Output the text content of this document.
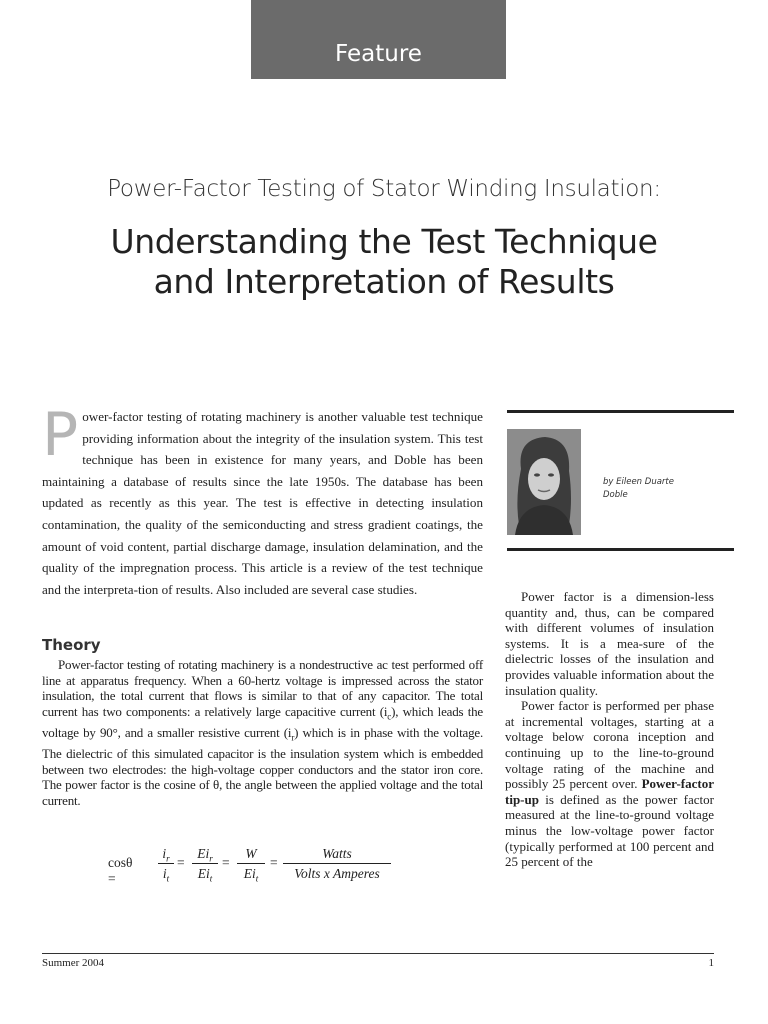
Feature
Power-Factor Testing of Stator Winding Insulation:
Understanding the Test Technique
and Interpretation of Results
P ower-factor testing of rotating machinery is another valuable test technique providing information about the integrity of the insulation system. This test technique has been in existence for many years, and Doble has been maintaining a database of results since the late 1950s. The database has been updated as recently as this year. The test is effective in detecting insulation contamination, the quality of the semiconducting and stress gradient coatings, the amount of void content, partial discharge damage, insulation delamination, and the quality of the impregnation process. This article is a review of the test technique and the interpreta-tion of results. Also included are several case studies.
Theory
Power-factor testing of rotating machinery is a nondestructive ac test performed off line at apparatus frequency. When a 60-hertz voltage is impressed across the stator insulation, the total current that flows is similar to that of any capacitor. The total current has two components: a relatively large capacitive current $(i_c)$, which leads the voltage by 90°, and a smaller resistive current $(i_r)$ which is in phase with the voltage. The dielectric of this simulated capacitor is the insulation system which is embedded between two electrodes: the high-voltage copper conductors and the stator iron core. The power factor is the cosine of θ, the angle between the applied voltage and the total current.
cosθ =	$\frac{i_r}{i_t}$ =
$Ei_r$
$Ei_t$
=
W
$Ei_t$
=
Watts
Volts x Amperes
by Eileen Duarte
Doble

Power factor is a dimension-less quantity and, thus, can be compared with different volumes of insulation systems. It is a mea-sure of the dielectric losses of the insulation and provides valuable information about the insulation quality.

Power factor is performed per phase at incremental voltages, starting at a voltage below corona inception and continuing up to the line-to-ground voltage rating of the machine and possibly 25 percent over. Power-factor tip-up is defined as the power factor measured at the line-to-ground voltage minus the low-voltage power factor (typically performed at 100 percent and 25 percent of the

Summer 2004	1
